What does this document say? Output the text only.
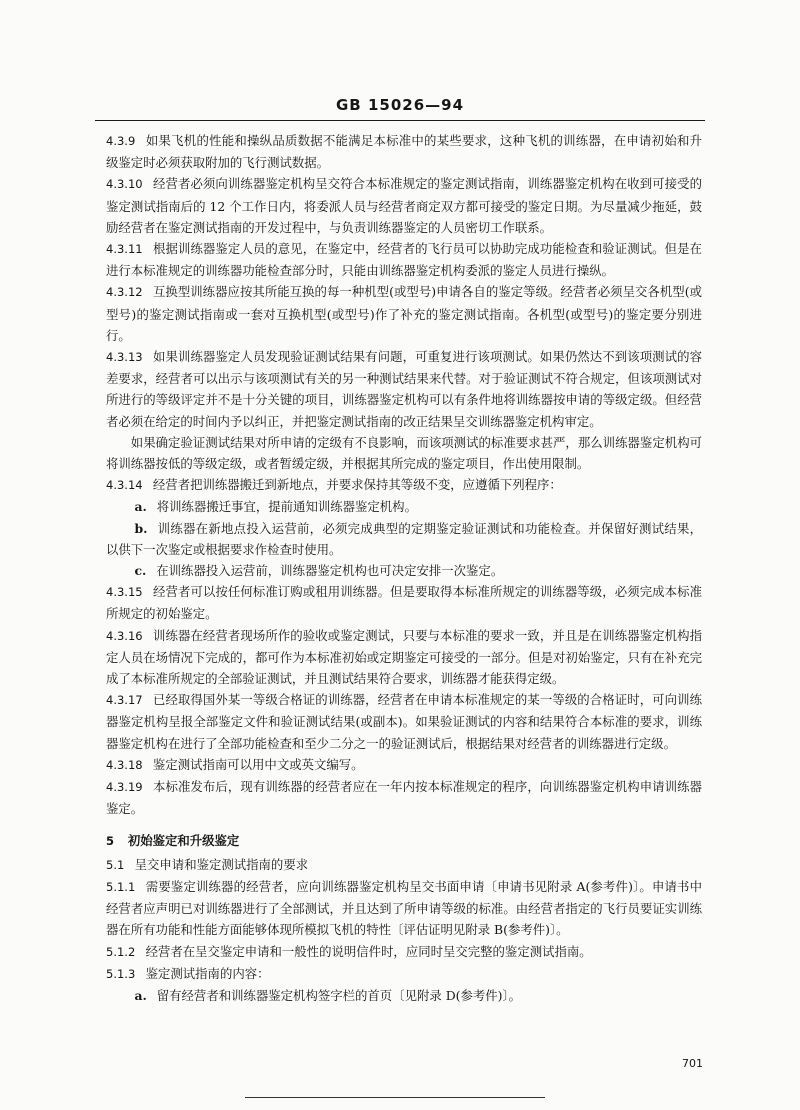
GB 15026—94

4.3.9 如果飞机的性能和操纵品质数据不能满足本标准中的某些要求，这种飞机的训练器，在申请初始和升级鉴定时必须获取附加的飞行测试数据。

4.3.10 经营者必须向训练器鉴定机构呈交符合本标准规定的鉴定测试指南，训练器鉴定机构在收到可接受的鉴定测试指南后的 12 个工作日内，将委派人员与经营者商定双方都可接受的鉴定日期。为尽量减少拖延，鼓励经营者在鉴定测试指南的开发过程中，与负责训练器鉴定的人员密切工作联系。

4.3.11 根据训练器鉴定人员的意见，在鉴定中，经营者的飞行员可以协助完成功能检查和验证测试。但是在进行本标准规定的训练器功能检查部分时，只能由训练器鉴定机构委派的鉴定人员进行操纵。

4.3.12 互换型训练器应按其所能互换的每一种机型(或型号)申请各自的鉴定等级。经营者必须呈交各机型(或型号)的鉴定测试指南或一套对互换机型(或型号)作了补充的鉴定测试指南。各机型(或型号)的鉴定要分别进行。

4.3.13 如果训练器鉴定人员发现验证测试结果有问题，可重复进行该项测试。如果仍然达不到该项测试的容差要求，经营者可以出示与该项测试有关的另一种测试结果来代替。对于验证测试不符合规定，但该项测试对所进行的等级评定并不是十分关键的项目，训练器鉴定机构可以有条件地将训练器按申请的等级定级。但经营者必须在给定的时间内予以纠正，并把鉴定测试指南的改正结果呈交训练器鉴定机构审定。

如果确定验证测试结果对所申请的定级有不良影响，而该项测试的标准要求甚严，那么训练器鉴定机构可将训练器按低的等级定级，或者暂缓定级，并根据其所完成的鉴定项目，作出使用限制。

4.3.14 经营者把训练器搬迁到新地点，并要求保持其等级不变，应遵循下列程序：

a. 将训练器搬迁事宜，提前通知训练器鉴定机构。

b. 训练器在新地点投入运营前，必须完成典型的定期鉴定验证测试和功能检查。并保留好测试结果，以供下一次鉴定或根据要求作检查时使用。

c. 在训练器投入运营前，训练器鉴定机构也可决定安排一次鉴定。

4.3.15 经营者可以按任何标准订购或租用训练器。但是要取得本标准所规定的训练器等级，必须完成本标准所规定的初始鉴定。

4.3.16 训练器在经营者现场所作的验收或鉴定测试，只要与本标准的要求一致，并且是在训练器鉴定机构指定人员在场情况下完成的，都可作为本标准初始或定期鉴定可接受的一部分。但是对初始鉴定，只有在补充完成了本标准所规定的全部验证测试，并且测试结果符合要求，训练器才能获得定级。

4.3.17 已经取得国外某一等级合格证的训练器，经营者在申请本标准规定的某一等级的合格证时，可向训练器鉴定机构呈报全部鉴定文件和验证测试结果(或副本)。如果验证测试的内容和结果符合本标准的要求，训练器鉴定机构在进行了全部功能检查和至少二分之一的验证测试后，根据结果对经营者的训练器进行定级。

4.3.18 鉴定测试指南可以用中文或英文编写。

4.3.19 本标准发布后，现有训练器的经营者应在一年内按本标准规定的程序，向训练器鉴定机构申请训练器鉴定。

5 初始鉴定和升级鉴定

5.1 呈交申请和鉴定测试指南的要求

5.1.1 需要鉴定训练器的经营者，应向训练器鉴定机构呈交书面申请〔申请书见附录 A(参考件)〕。申请书中经营者应声明已对训练器进行了全部测试，并且达到了所申请等级的标准。由经营者指定的飞行员要证实训练器在所有功能和性能方面能够体现所模拟飞机的特性〔评估证明见附录 B(参考件)〕。

5.1.2 经营者在呈交鉴定申请和一般性的说明信件时，应同时呈交完整的鉴定测试指南。

5.1.3 鉴定测试指南的内容：

a. 留有经营者和训练器鉴定机构签字栏的首页〔见附录 D(参考件)〕。

701
